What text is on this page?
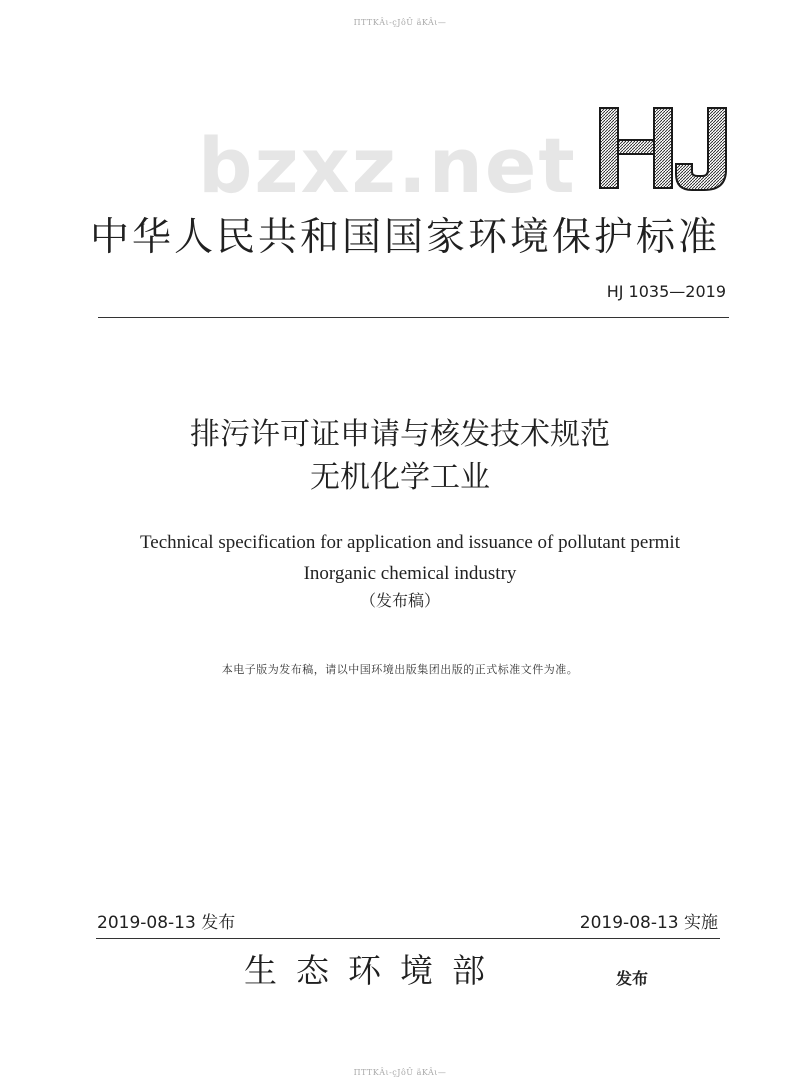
ΠΤΤΚÂι-çJôÛ äKÂι—
bzxz.net
中华人民共和国国家环境保护标准
HJ 1035—2019
排污许可证申请与核发技术规范
无机化学工业
Technical specification for application and issuance of pollutant permit
Inorganic chemical industry
（发布稿）
本电子版为发布稿，请以中国环境出版集团出版的正式标准文件为准。
2019-08-13 发布	2019-08-13 实施
生态环境部	发布
ΠΤΤΚÂι-çJôÛ äKÂι—
